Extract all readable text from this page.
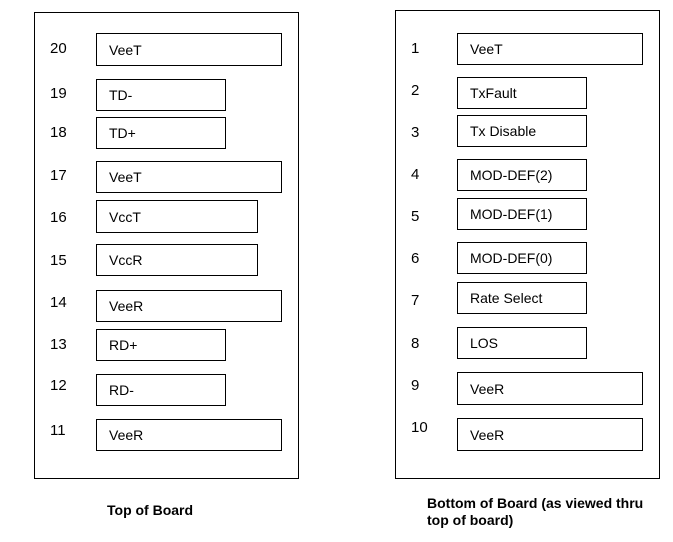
20	VeeT
19	TD-
18	TD+
17	VeeT
16	VccT
15	VccR
14	VeeR
13	RD+
12	RD-
11	VeeR
1	VeeT
2	TxFault
3	Tx Disable
4	MOD-DEF(2)
5	MOD-DEF(1)
6	MOD-DEF(0)
7	Rate Select
8	LOS
9	VeeR
10	VeeR
Top of Board	Bottom of Board (as viewed thru top of board)
